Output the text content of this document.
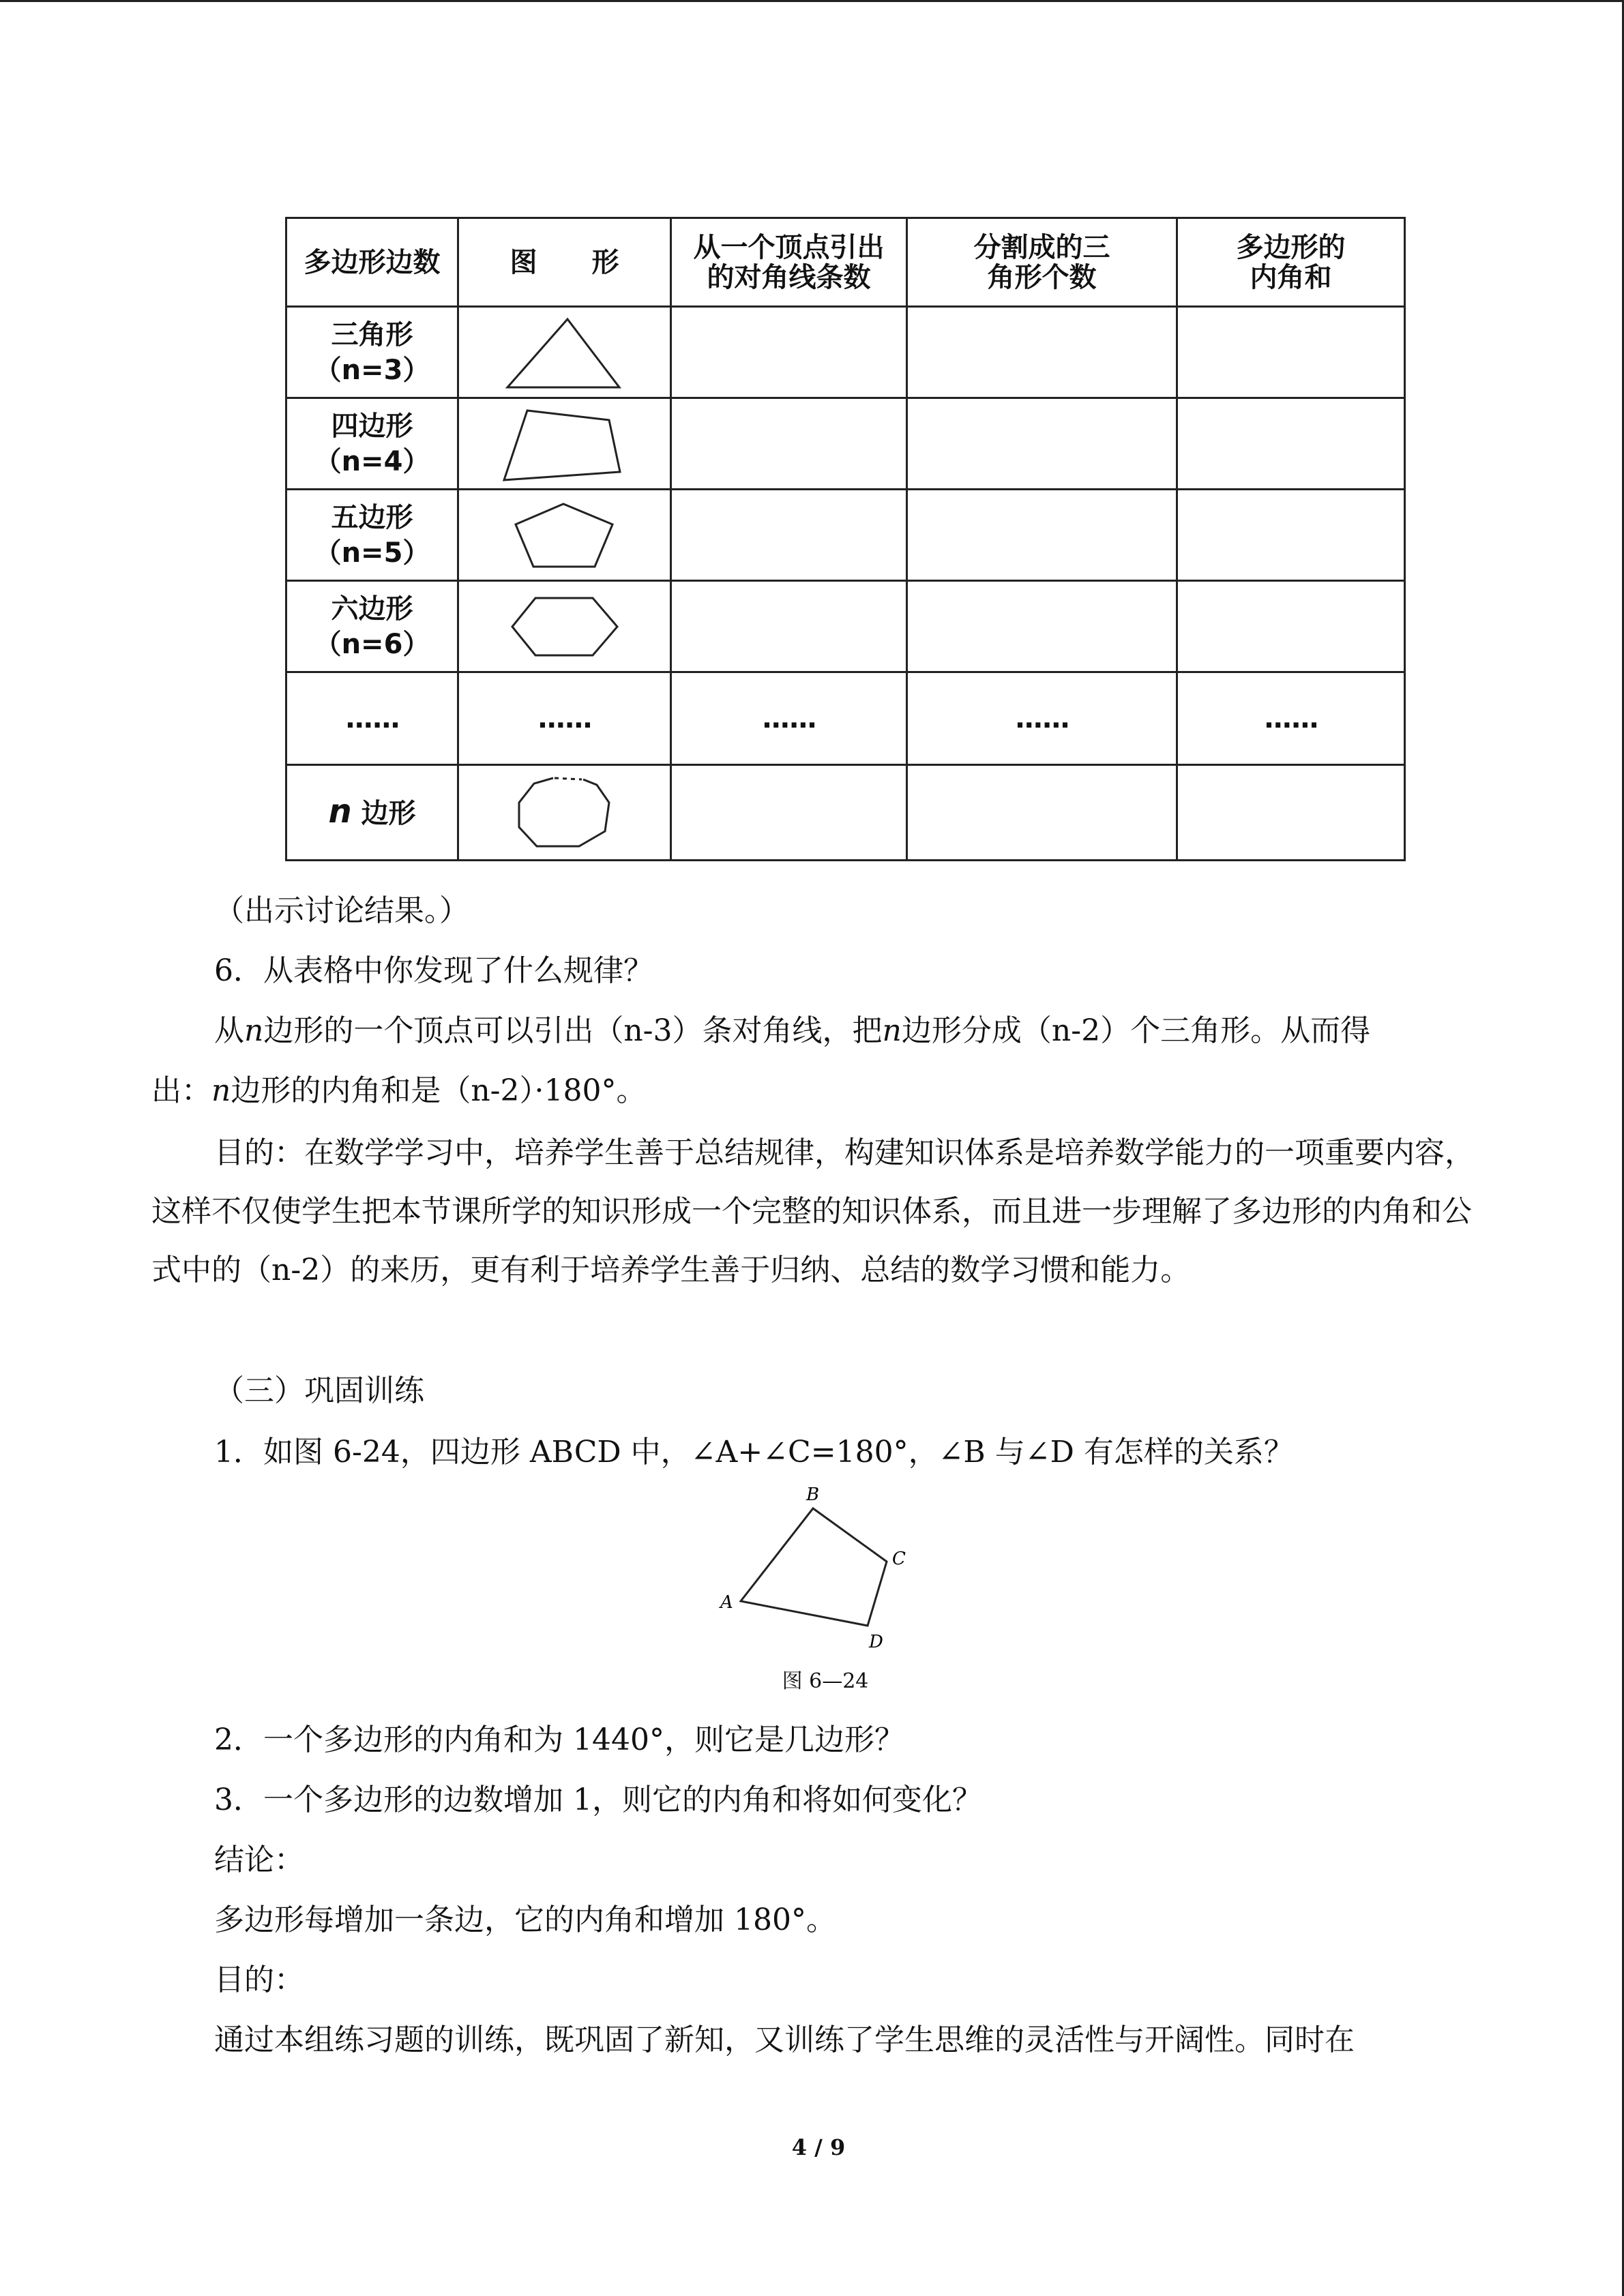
多边形边数	图　　形	从一个顶点引出的对角线条数	分割成的三角形个数	多边形的内角和

三角形
（n=3）

四边形
（n=4）

五边形
（n=5）

六边形
（n=6）

......	......	......	......	......
n 边形	

（出示讨论结果。）
6．从表格中你发现了什么规律？
从n边形的一个顶点可以引出（n-3）条对角线，把n边形分成（n-2）个三角形。从而得
出：n边形的内角和是（n-2）·180°。
目的：在数学学习中，培养学生善于总结规律，构建知识体系是培养数学能力的一项重要内容，这样不仅使学生把本节课所学的知识形成一个完整的知识体系，而且进一步理解了多边形的内角和公式中的（n-2）的来历，更有利于培养学生善于归纳、总结的数学习惯和能力。
（三）巩固训练
1．如图 6-24，四边形 ABCD 中，∠A+∠C=180°，∠B 与∠D 有怎样的关系？
B
C
A
D
图 6—24
2．一个多边形的内角和为 1440°，则它是几边形？
3．一个多边形的边数增加 1，则它的内角和将如何变化？
结论：
多边形每增加一条边，它的内角和增加 180°。
目的：
通过本组练习题的训练，既巩固了新知，又训练了学生思维的灵活性与开阔性。同时在
4 / 9
